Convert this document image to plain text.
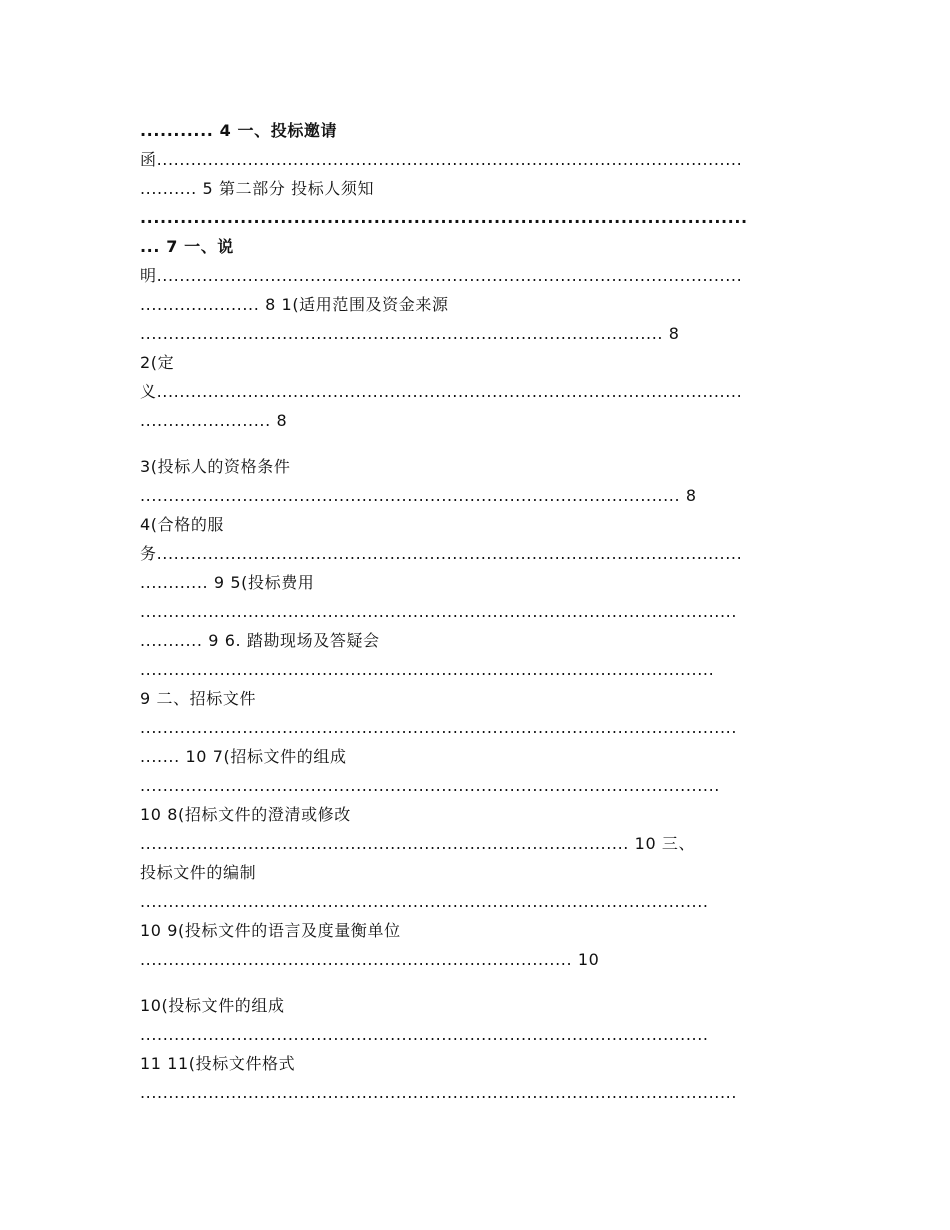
........... 4 一、投标邀请
函.......................................................................................................
.......... 5 第二部分 投标人须知
...........................................................................................
... 7 一、说
明.......................................................................................................
..................... 8 1(适用范围及资金来源
............................................................................................ 8
2(定
义.......................................................................................................
....................... 8
3(投标人的资格条件
............................................................................................... 8
4(合格的服
务.......................................................................................................
............ 9 5(投标费用
.........................................................................................................
........... 9 6. 踏勘现场及答疑会
.....................................................................................................
9 二、招标文件
.........................................................................................................
....... 10 7(招标文件的组成
......................................................................................................
10 8(招标文件的澄清或修改
...................................................................................... 10 三、
投标文件的编制
....................................................................................................
10 9(投标文件的语言及度量衡单位
............................................................................ 10
10(投标文件的组成
....................................................................................................
11 11(投标文件格式
.........................................................................................................
